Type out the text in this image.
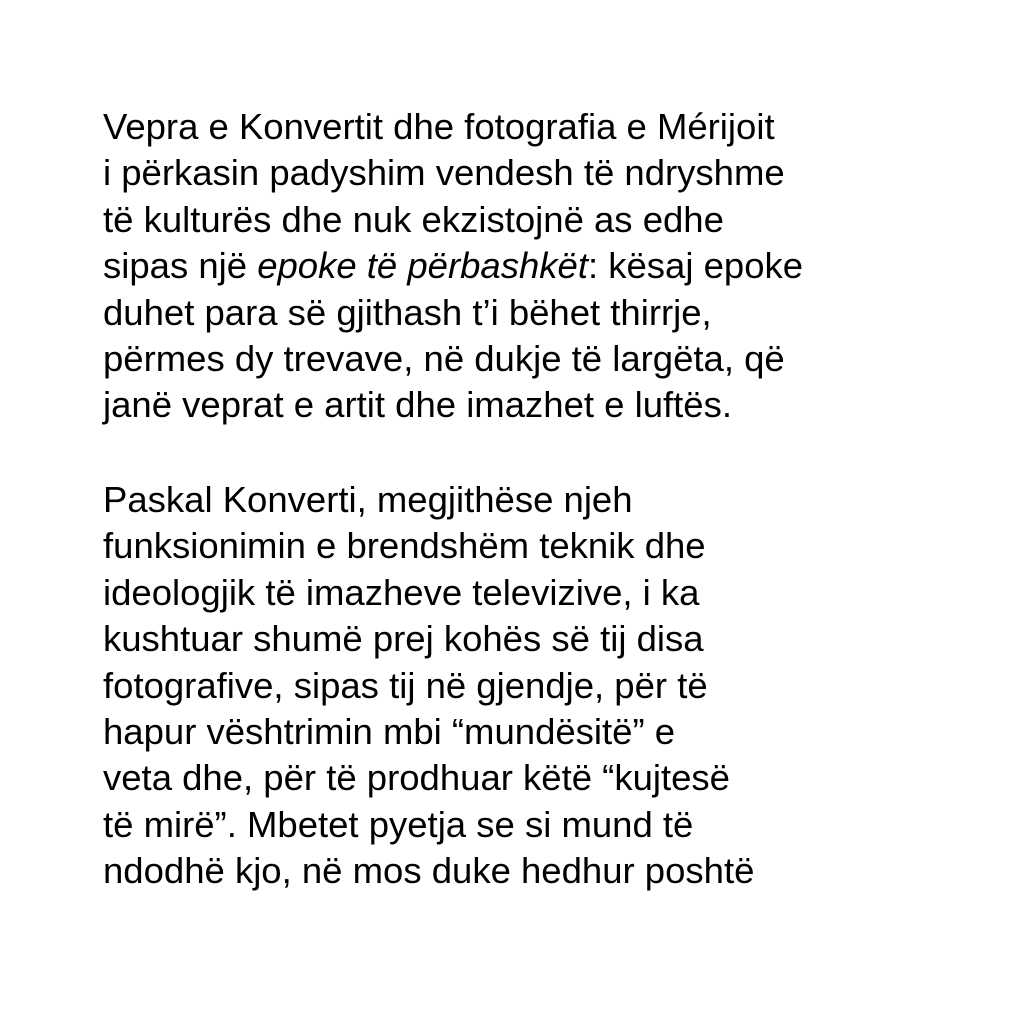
Vepra e Konvertit dhe fotografia e Mérijoit
i përkasin padyshim vendesh të ndryshme
të kulturës dhe nuk ekzistojnë as edhe
sipas një epoke të përbashkët: kësaj epoke
duhet para së gjithash t’i bëhet thirrje,
përmes dy trevave, në dukje të largëta, që
janë veprat e artit dhe imazhet e luftës.

Paskal Konverti, megjithëse njeh
funksionimin e brendshëm teknik dhe
ideologjik të imazheve televizive, i ka
kushtuar shumë prej kohës së tij disa
fotografive, sipas tij në gjendje, për të
hapur vështrimin mbi “mundësitë” e
veta dhe, për të prodhuar këtë “kujtesë
të mirë”. Mbetet pyetja se si mund të
ndodhë kjo, në mos duke hedhur poshtë
